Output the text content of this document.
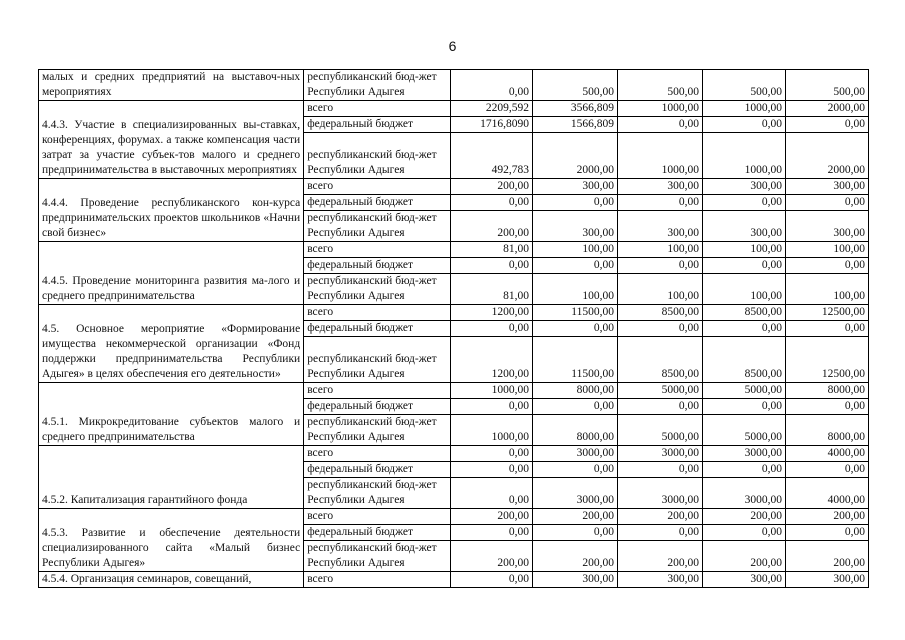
6
малых и средних предприятий на выставоч-ных мероприятиях	республиканский бюд-жет Республики Адыгея	0,00	500,00	500,00	500,00	500,00
4.4.3. Участие в специализированных вы-ставках, конференциях, форумах. а также компенсация части затрат за участие субъек-тов малого и среднего предпринимательства в выставочных мероприятиях	всего	2209,592	3566,809	1000,00	1000,00	2000,00
	федеральный бюджет	1716,8090	1566,809	0,00	0,00	0,00
	республиканский бюд-жет Республики Адыгея	492,783	2000,00	1000,00	1000,00	2000,00
4.4.4. Проведение республиканского кон-курса предпринимательских проектов школьников «Начни свой бизнес»	всего	200,00	300,00	300,00	300,00	300,00
	федеральный бюджет	0,00	0,00	0,00	0,00	0,00
	республиканский бюд-жет Республики Адыгея	200,00	300,00	300,00	300,00	300,00
4.4.5. Проведение мониторинга развития ма-лого и среднего предпринимательства	всего	81,00	100,00	100,00	100,00	100,00
	федеральный бюджет	0,00	0,00	0,00	0,00	0,00
	республиканский бюд-жет Республики Адыгея	81,00	100,00	100,00	100,00	100,00
4.5. Основное мероприятие «Формирование имущества некоммерческой организации «Фонд поддержки предпринимательства Республики Адыгея» в целях обеспечения его деятельности»	всего	1200,00	11500,00	8500,00	8500,00	12500,00
	федеральный бюджет	0,00	0,00	0,00	0,00	0,00
	республиканский бюд-жет Республики Адыгея	1200,00	11500,00	8500,00	8500,00	12500,00
4.5.1. Микрокредитование субъектов малого и среднего предпринимательства	всего	1000,00	8000,00	5000,00	5000,00	8000,00
	федеральный бюджет	0,00	0,00	0,00	0,00	0,00
	республиканский бюд-жет Республики Адыгея	1000,00	8000,00	5000,00	5000,00	8000,00
4.5.2. Капитализация гарантийного фонда	всего	0,00	3000,00	3000,00	3000,00	4000,00
	федеральный бюджет	0,00	0,00	0,00	0,00	0,00
	республиканский бюд-жет Республики Адыгея	0,00	3000,00	3000,00	3000,00	4000,00
4.5.3. Развитие и обеспечение деятельности специализированного сайта «Малый бизнес Республики Адыгея»	всего	200,00	200,00	200,00	200,00	200,00
	федеральный бюджет	0,00	0,00	0,00	0,00	0,00
	республиканский бюд-жет Республики Адыгея	200,00	200,00	200,00	200,00	200,00
4.5.4. Организация семинаров, совещаний,	всего	0,00	300,00	300,00	300,00	300,00
